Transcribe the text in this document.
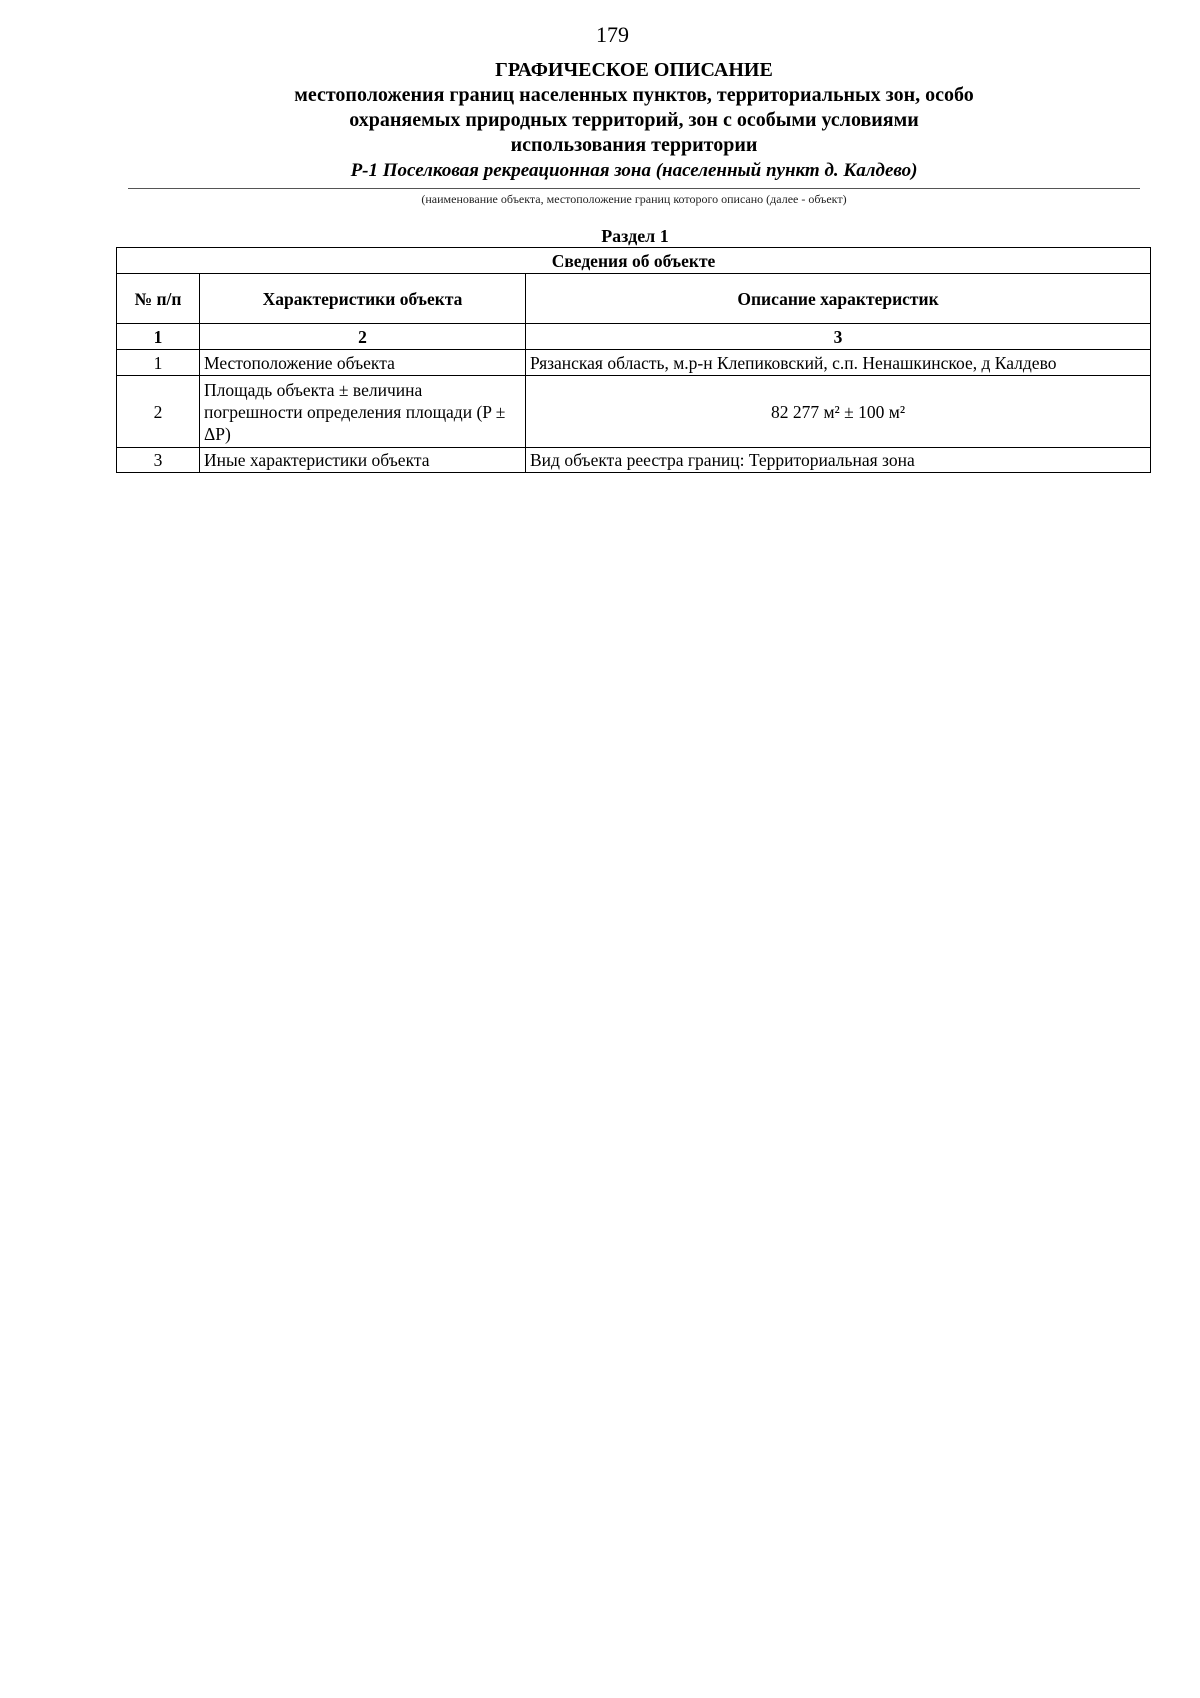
179
ГРАФИЧЕСКОЕ ОПИСАНИЕ
местоположения границ населенных пунктов, территориальных зон, особо охраняемых природных территорий, зон с особыми условиями использования территории
Р-1 Поселковая рекреационная зона (населенный пункт д. Калдево)
(наименование объекта, местоположение границ которого описано (далее - объект)
Раздел 1
Сведения об объекте		
№ п/п	Характеристики объекта	Описание характеристик
1	2	3
1	Местоположение объекта	Рязанская область, м.р-н Клепиковский, с.п. Ненашкинское, д Калдево
2	Площадь объекта ± величина погрешности определения площади (P ± ΔP)	82 277 м² ± 100 м²
3	Иные характеристики объекта	Вид объекта реестра границ: Территориальная зона
